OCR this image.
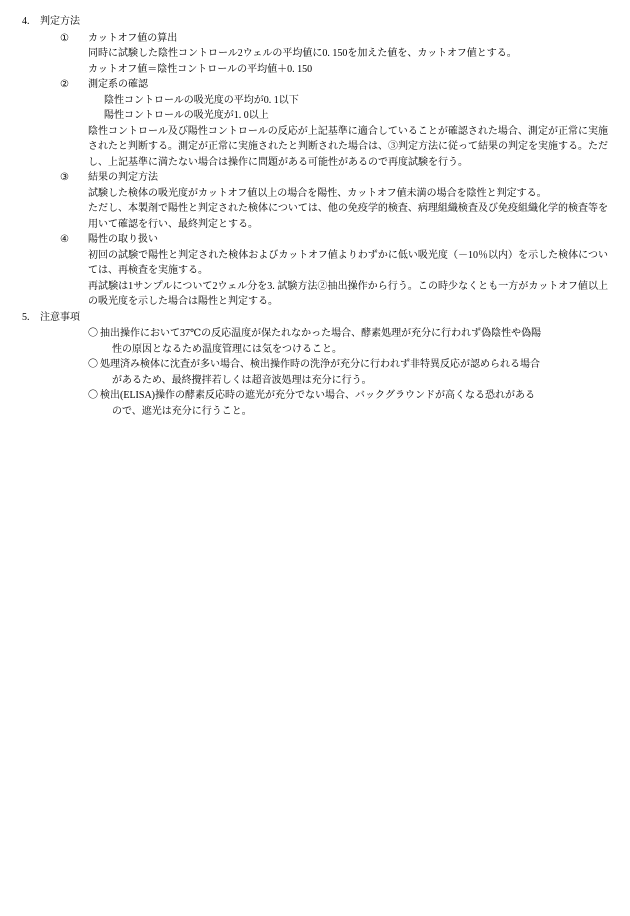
4.	判定方法
①	カットオフ値の算出
同時に試験した陰性コントロール2ウェルの平均値に0. 150を加えた値を、カットオフ値とする。
カットオフ値＝陰性コントロールの平均値＋0. 150
②	測定系の確認
陰性コントロールの吸光度の平均が0. 1以下
陽性コントロールの吸光度が1. 0以上
陰性コントロール及び陽性コントロールの反応が上記基準に適合していることが確認された場合、測定が正常に実施されたと判断する。測定が正常に実施されたと判断された場合は、③判定方法に従って結果の判定を実施する。ただし、上記基準に満たない場合は操作に問題がある可能性があるので再度試験を行う。
③	結果の判定方法
試験した検体の吸光度がカットオフ値以上の場合を陽性、カットオフ値未満の場合を陰性と判定する。
ただし、本製剤で陽性と判定された検体については、他の免疫学的検査、病理組織検査及び免疫組織化学的検査等を用いて確認を行い、最終判定とする。
④	陽性の取り扱い
初回の試験で陽性と判定された検体およびカットオフ値よりわずかに低い吸光度（－10％以内）を示した検体については、再検査を実施する。
再試験は1サンプルについて2ウェル分を3. 試験方法②抽出操作から行う。この時少なくとも一方がカットオフ値以上の吸光度を示した場合は陽性と判定する。
5.	注意事項
〇 抽出操作において37℃の反応温度が保たれなかった場合、酵素処理が充分に行われず偽陰性や偽陽
性の原因となるため温度管理には気をつけること。
〇 処理済み検体に沈査が多い場合、検出操作時の洗浄が充分に行われず非特異反応が認められる場合
があるため、最終攪拌若しくは超音波処理は充分に行う。
〇 検出(ELISA)操作の酵素反応時の遮光が充分でない場合、バックグラウンドが高くなる恐れがある
ので、遮光は充分に行うこと。
